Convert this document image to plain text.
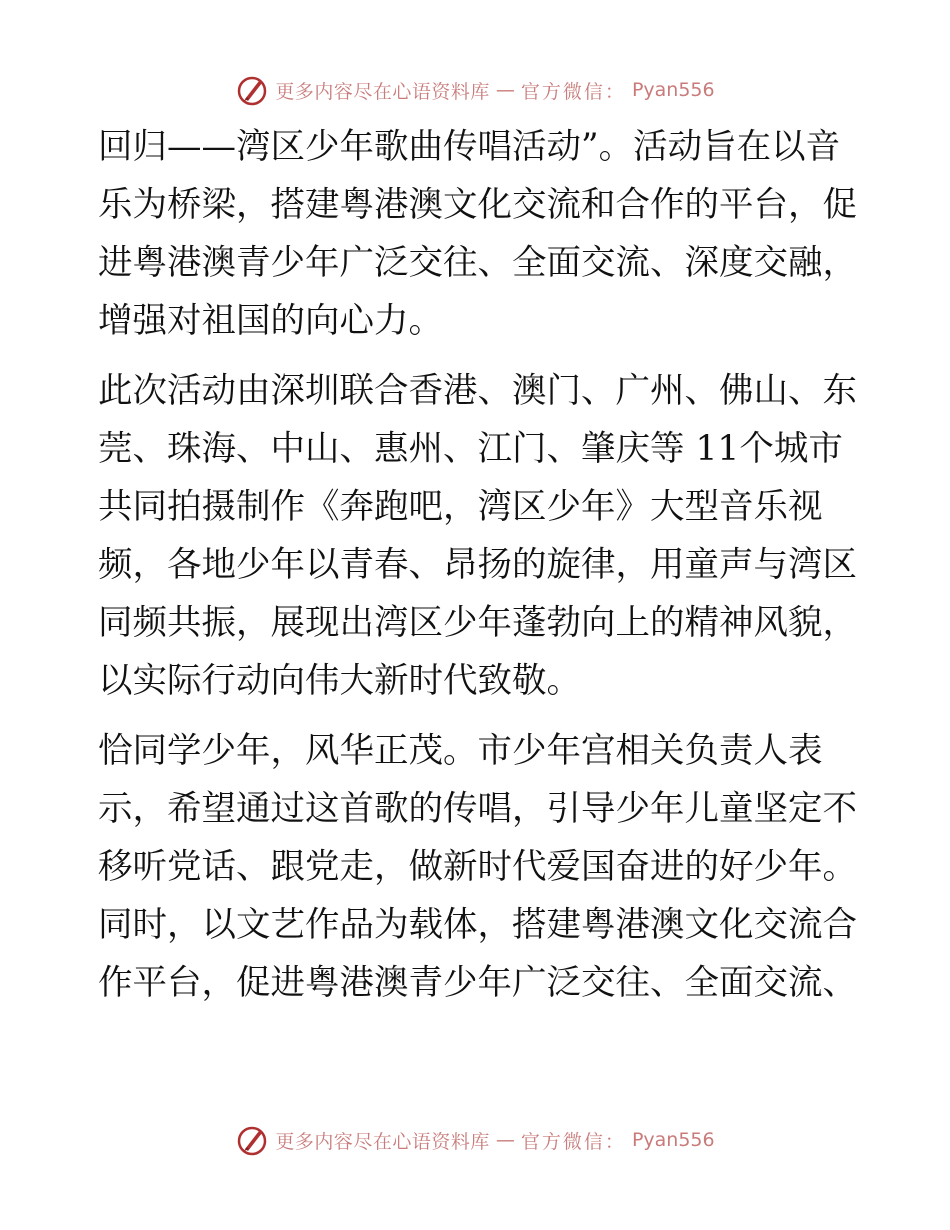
更多内容尽在心语资料库 — 官方微信： Pyan556

回归——湾区少年歌曲传唱活动”。活动旨在以音乐为桥梁，搭建粤港澳文化交流和合作的平台，促进粤港澳青少年广泛交往、全面交流、深度交融，增强对祖国的向心力。

此次活动由深圳联合香港、澳门、广州、佛山、东莞、珠海、中山、惠州、江门、肇庆等 11个城市共同拍摄制作《奔跑吧，湾区少年》大型音乐视频，各地少年以青春、昂扬的旋律，用童声与湾区同频共振，展现出湾区少年蓬勃向上的精神风貌，以实际行动向伟大新时代致敬。

恰同学少年，风华正茂。市少年宫相关负责人表示，希望通过这首歌的传唱，引导少年儿童坚定不移听党话、跟党走，做新时代爱国奋进的好少年。同时，以文艺作品为载体，搭建粤港澳文化交流合作平台，促进粤港澳青少年广泛交往、全面交流、

更多内容尽在心语资料库 — 官方微信： Pyan556
